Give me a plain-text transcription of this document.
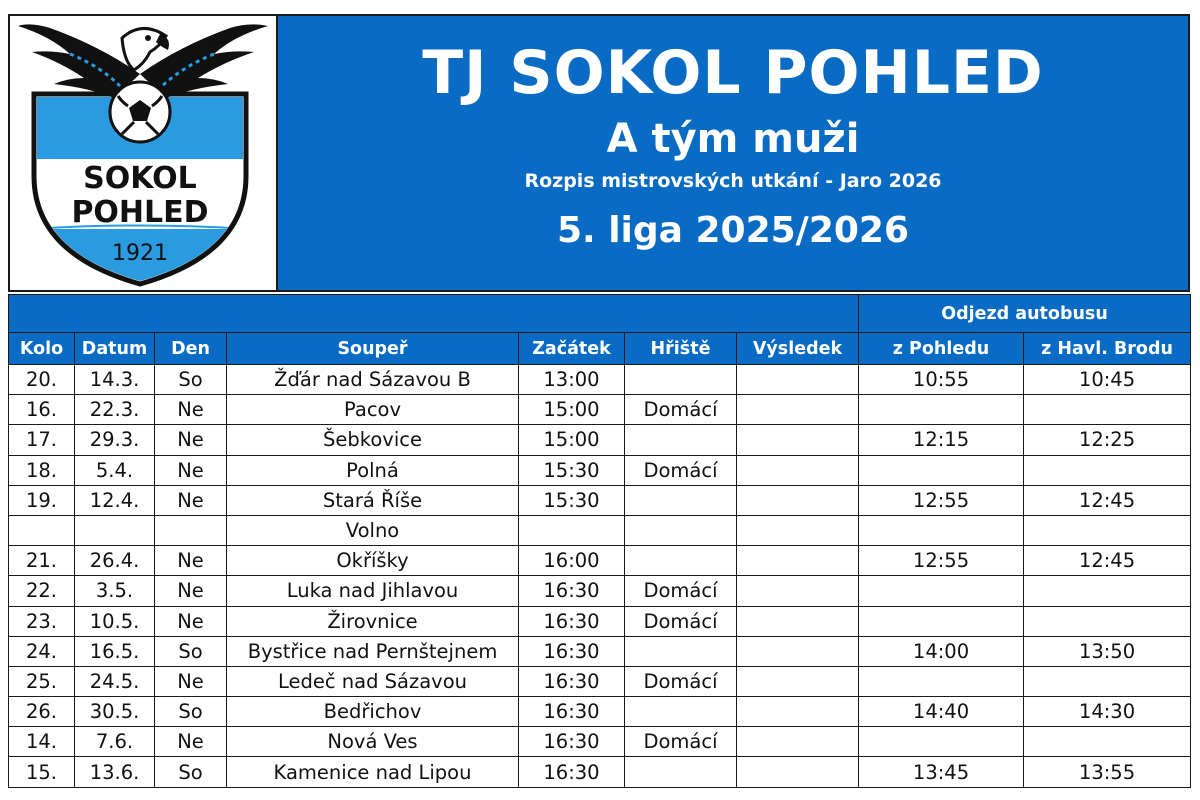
SOKOL
POHLED
1921
TJ SOKOL POHLED
A tým muži
Rozpis mistrovských utkání - Jaro 2026
5. liga 2025/2026
							Odjezd autobusu	
Kolo	Datum	Den	Soupeř	Začátek	Hřiště	Výsledek	z Pohledu	z Havl. Brodu
20.	14.3.	So	Žďár nad Sázavou B	13:00			10:55	10:45
16.	22.3.	Ne	Pacov	15:00	Domácí			
17.	29.3.	Ne	Šebkovice	15:00			12:15	12:25
18.	5.4.	Ne	Polná	15:30	Domácí			
19.	12.4.	Ne	Stará Říše	15:30			12:55	12:45
			Volno					
21.	26.4.	Ne	Okříšky	16:00			12:55	12:45
22.	3.5.	Ne	Luka nad Jihlavou	16:30	Domácí			
23.	10.5.	Ne	Žirovnice	16:30	Domácí			
24.	16.5.	So	Bystřice nad Pernštejnem	16:30			14:00	13:50
25.	24.5.	Ne	Ledeč nad Sázavou	16:30	Domácí			
26.	30.5.	So	Bedřichov	16:30			14:40	14:30
14.	7.6.	Ne	Nová Ves	16:30	Domácí			
15.	13.6.	So	Kamenice nad Lipou	16:30			13:45	13:55
